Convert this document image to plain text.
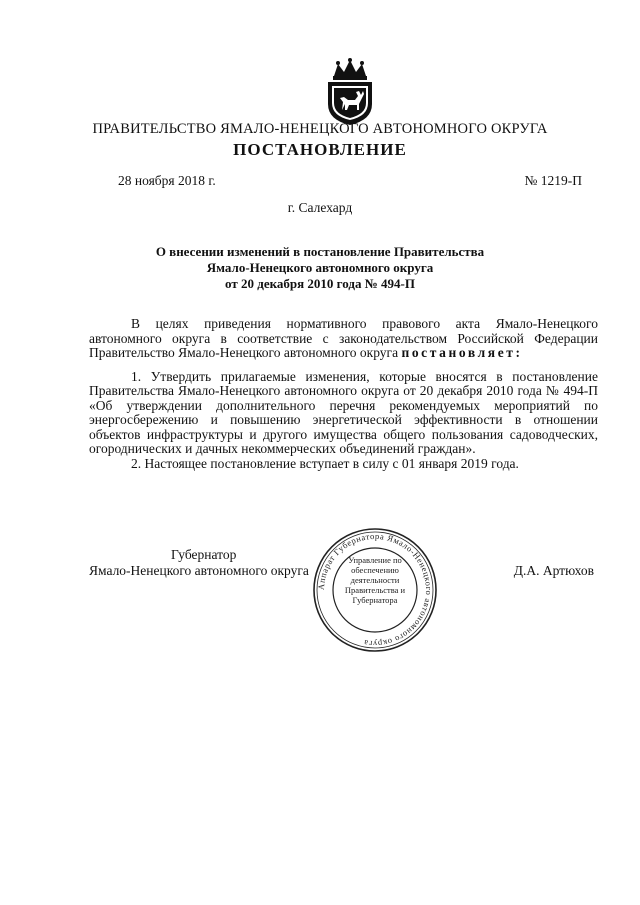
ПРАВИТЕЛЬСТВО ЯМАЛО-НЕНЕЦКОГО АВТОНОМНОГО ОКРУГА
ПОСТАНОВЛЕНИЕ
28 ноября 2018 г.	№ 1219-П
г. Салехард
О внесении изменений в постановление Правительства
Ямало-Ненецкого автономного округа
от 20 декабря 2010 года № 494-П

В целях приведения нормативного правового акта Ямало-Ненецкого автономного округа в соответствие с законодательством Российской Федерации Правительство Ямало-Ненецкого автономного округа постановляет:

1. Утвердить прилагаемые изменения, которые вносятся в постановление Правительства Ямало-Ненецкого автономного округа от 20 декабря 2010 года № 494-П «Об утверждении дополнительного перечня рекомендуемых мероприятий по энергосбережению и повышению энергетической эффективности в отношении объектов инфраструктуры и другого имущества общего пользования садоводческих, огороднических и дачных некоммерческих объединений граждан».

2. Настоящее постановление вступает в силу с 01 января 2019 года.

Губернатор
Ямало-Ненецкого автономного округа
Аппарат Губернатора Ямало-Ненецкого автономного округа
Управление по обеспечению деятельности Правительства и Губернатора
Д.А. Артюхов
